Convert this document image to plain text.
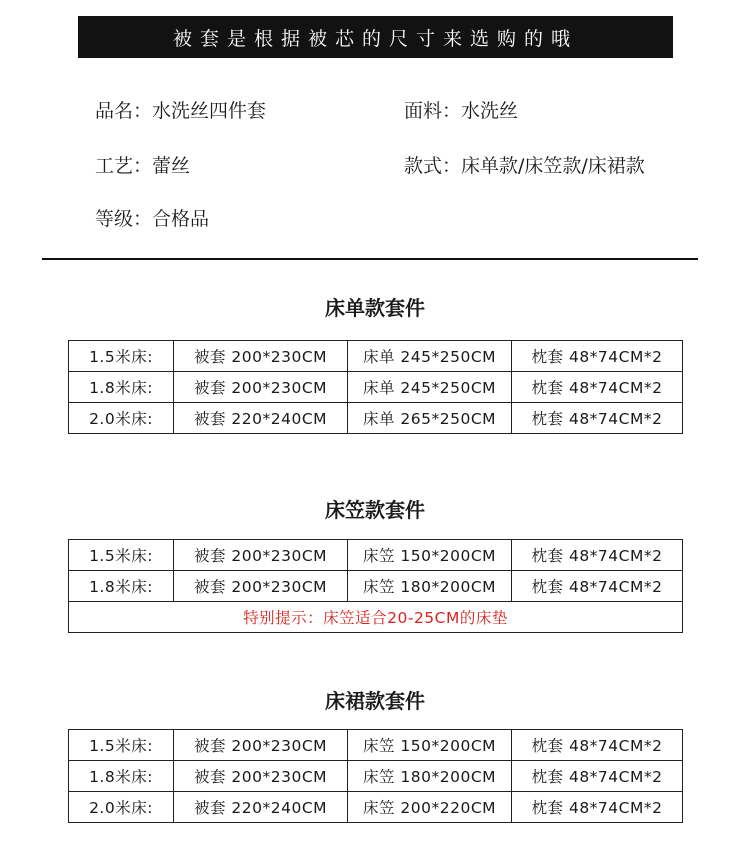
被套是根据被芯的尺寸来选购的哦
品名：水洗丝四件套	面料：水洗丝
工艺：蕾丝	款式：床单款/床笠款/床裙款
等级：合格品
床单款套件
1.5米床:	被套 200*230CM	床单 245*250CM	枕套 48*74CM*2
1.8米床:	被套 200*230CM	床单 245*250CM	枕套 48*74CM*2
2.0米床:	被套 220*240CM	床单 265*250CM	枕套 48*74CM*2
床笠款套件
1.5米床:	被套 200*230CM	床笠 150*200CM	枕套 48*74CM*2
1.8米床:	被套 200*230CM	床笠 180*200CM	枕套 48*74CM*2
特别提示：床笠适合20-25CM的床垫			
床裙款套件
1.5米床:	被套 200*230CM	床笠 150*200CM	枕套 48*74CM*2
1.8米床:	被套 200*230CM	床笠 180*200CM	枕套 48*74CM*2
2.0米床:	被套 220*240CM	床笠 200*220CM	枕套 48*74CM*2
